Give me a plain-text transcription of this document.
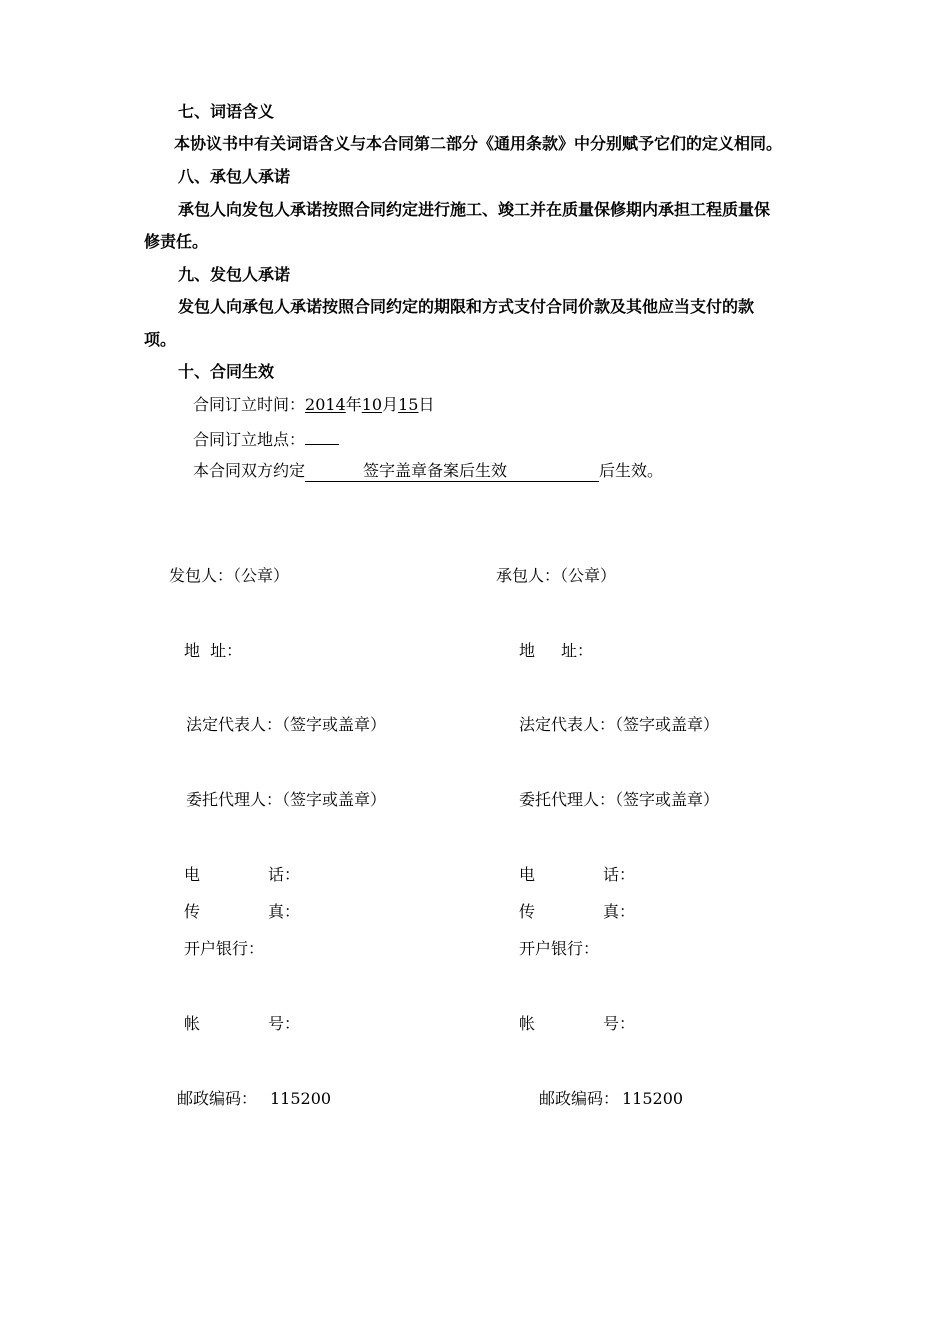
七、词语含义
本协议书中有关词语含义与本合同第二部分《通用条款》中分别赋予它们的定义相同。
八、承包人承诺
承包人向发包人承诺按照合同约定进行施工、竣工并在质量保修期内承担工程质量保
修责任。
九、发包人承诺
发包人向承包人承诺按照合同约定的期限和方式支付合同价款及其他应当支付的款
项。
十、合同生效
合同订立时间：2014年10月15日
合同订立地点：
本合同双方约定	签字盖章备案后生效	后生效。
发包人：（公章）
地  址：
法定代表人：（签字或盖章）
委托代理人：（签字或盖章）
电	话：
传	真：
开户银行：
帐	号：
邮政编码： 115200
承包人：（公章）
地 址：
法定代表人：（签字或盖章）
委托代理人：（签字或盖章）
电	话：
传	真：
开户银行：
帐	号：
邮政编码： 115200
